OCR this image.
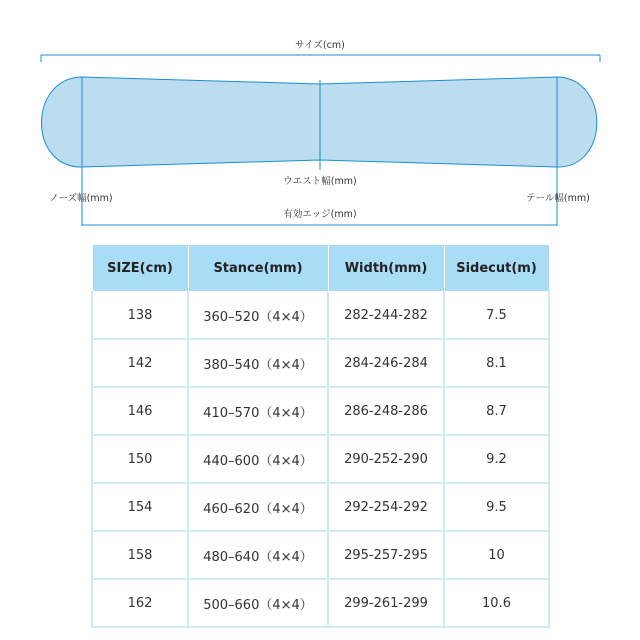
サイズ(cm)
ウエスト幅(mm)
ノーズ幅(mm)	テール幅(mm)
有効エッジ(mm)
SIZE(cm)	Stance(mm)	Width(mm)	Sidecut(m)
138	360–520（4×4）	282-244-282	7.5
142	380–540（4×4）	284-246-284	8.1
146	410–570（4×4）	286-248-286	8.7
150	440–600（4×4）	290-252-290	9.2
154	460–620（4×4）	292-254-292	9.5
158	480–640（4×4）	295-257-295	10
162	500–660（4×4）	299-261-299	10.6
